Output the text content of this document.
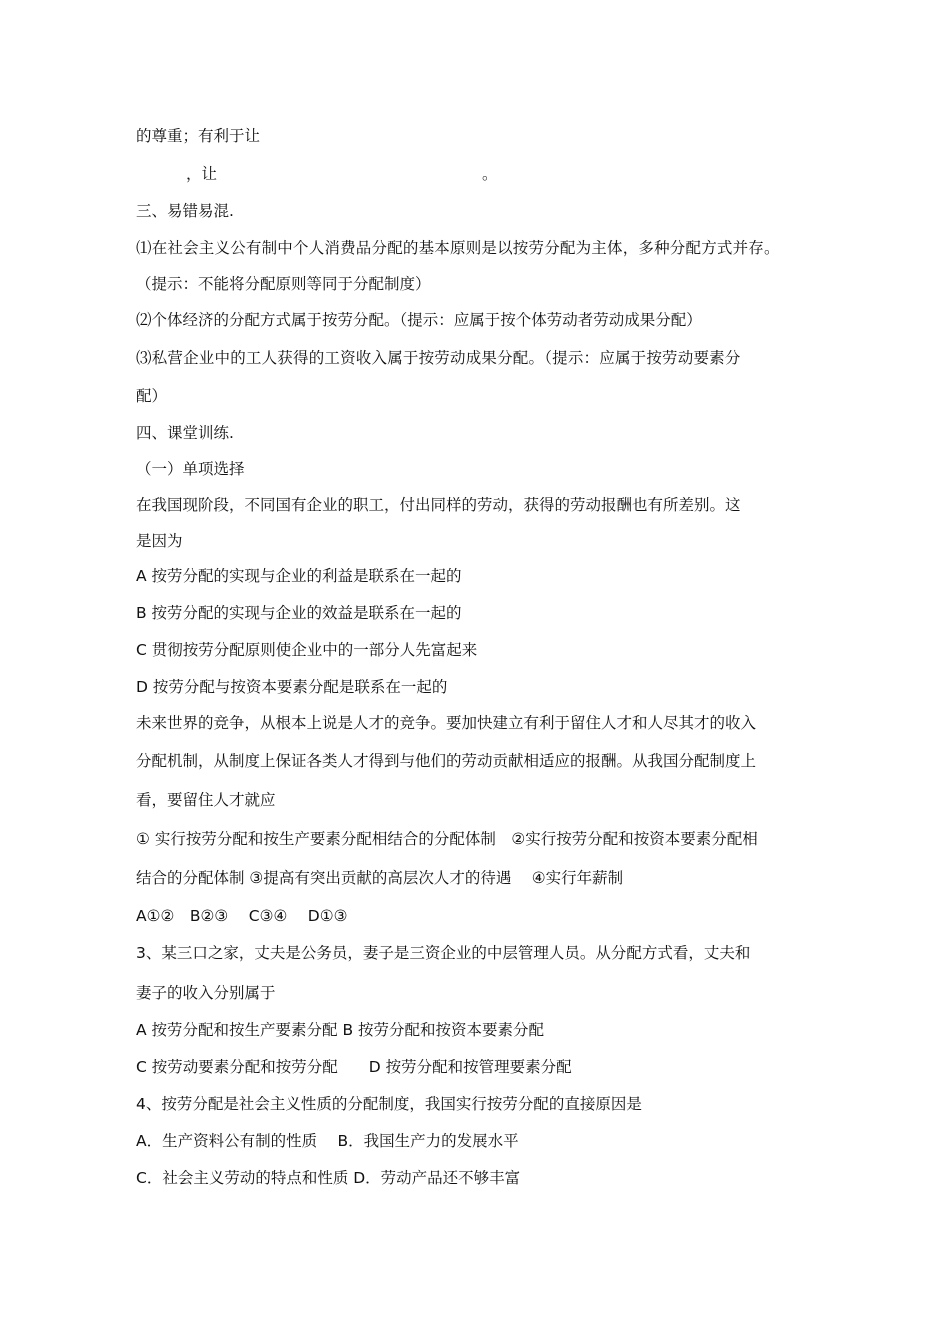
的尊重；有利于让
，让	。
三、易错易混.
⑴在社会主义公有制中个人消费品分配的基本原则是以按劳分配为主体，多种分配方式并存。
（提示：不能将分配原则等同于分配制度）
⑵个体经济的分配方式属于按劳分配。（提示：应属于按个体劳动者劳动成果分配）
⑶私营企业中的工人获得的工资收入属于按劳动成果分配。（提示：应属于按劳动要素分
配）
四、课堂训练.
（一）单项选择
在我国现阶段，不同国有企业的职工，付出同样的劳动，获得的劳动报酬也有所差别。这
是因为
A 按劳分配的实现与企业的利益是联系在一起的
B 按劳分配的实现与企业的效益是联系在一起的
C 贯彻按劳分配原则使企业中的一部分人先富起来
D 按劳分配与按资本要素分配是联系在一起的
未来世界的竞争，从根本上说是人才的竞争。要加快建立有利于留住人才和人尽其才的收入
分配机制，从制度上保证各类人才得到与他们的劳动贡献相适应的报酬。从我国分配制度上
看，要留住人才就应
① 实行按劳分配和按生产要素分配相结合的分配体制　②实行按劳分配和按资本要素分配相
结合的分配体制 ③提高有突出贡献的高层次人才的待遇　 ④实行年薪制
A①②　B②③　 C③④　 D①③
3、某三口之家，丈夫是公务员，妻子是三资企业的中层管理人员。从分配方式看，丈夫和
妻子的收入分别属于
A 按劳分配和按生产要素分配 B 按劳分配和按资本要素分配
C 按劳动要素分配和按劳分配　　D 按劳分配和按管理要素分配
4、按劳分配是社会主义性质的分配制度，我国实行按劳分配的直接原因是
A．生产资料公有制的性质　 B．我国生产力的发展水平
C．社会主义劳动的特点和性质 D．劳动产品还不够丰富
